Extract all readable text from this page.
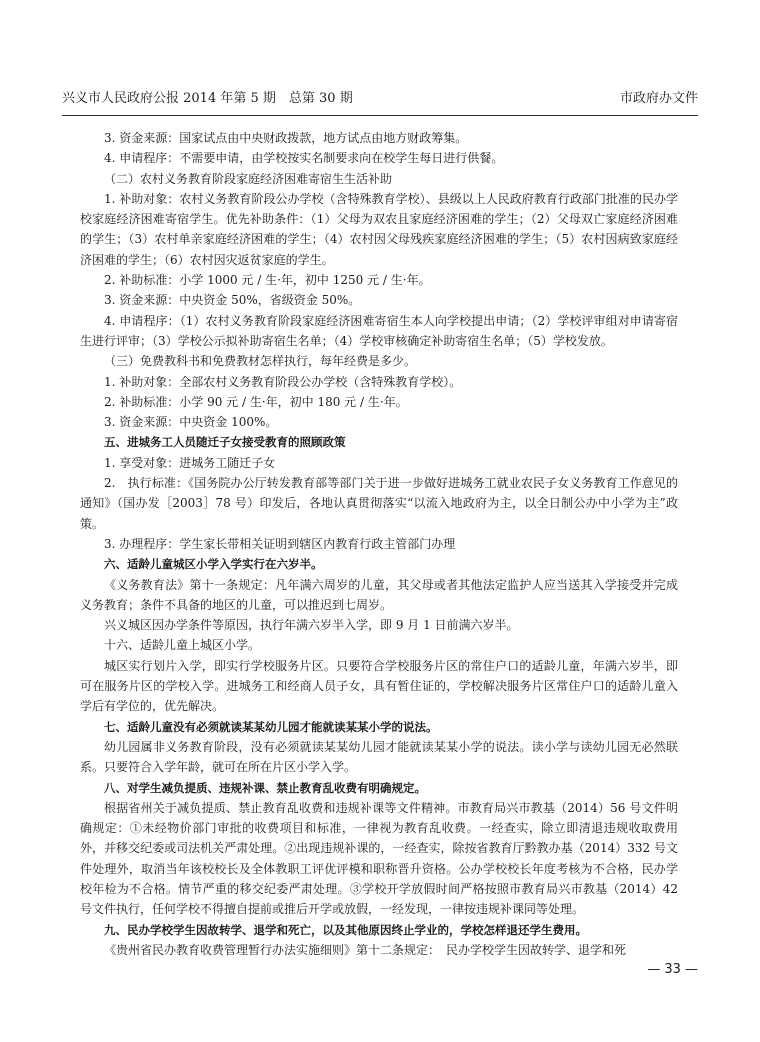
兴义市人民政府公报 2014 年第 5 期　总第 30 期	市政府办文件

3. 资金来源：国家试点由中央财政拨款，地方试点由地方财政筹集。

4. 申请程序：不需要申请，由学校按实名制要求向在校学生每日进行供餐。

（二）农村义务教育阶段家庭经济困难寄宿生生活补助

1. 补助对象：农村义务教育阶段公办学校（含特殊教育学校）、县级以上人民政府教育行政部门批准的民办学校家庭经济困难寄宿学生。优先补助条件：（1）父母为双农且家庭经济困难的学生；（2）父母双亡家庭经济困难的学生；（3）农村单亲家庭经济困难的学生；（4）农村因父母残疾家庭经济困难的学生；（5）农村因病致家庭经济困难的学生；（6）农村因灾返贫家庭的学生。

2. 补助标准：小学 1000 元 / 生·年，初中 1250 元 / 生·年。

3. 资金来源：中央资金 50%，省级资金 50%。

4. 申请程序：（1）农村义务教育阶段家庭经济困难寄宿生本人向学校提出申请；（2）学校评审组对申请寄宿生进行评审；（3）学校公示拟补助寄宿生名单；（4）学校审核确定补助寄宿生名单；（5）学校发放。

（三）免费教科书和免费教材怎样执行，每年经费是多少。

1. 补助对象：全部农村义务教育阶段公办学校（含特殊教育学校）。

2. 补助标准：小学 90 元 / 生·年，初中 180 元 / 生·年。

3. 资金来源：中央资金 100%。

五、进城务工人员随迁子女接受教育的照顾政策

1. 享受对象：进城务工随迁子女

2.　执行标准：《国务院办公厅转发教育部等部门关于进一步做好进城务工就业农民子女义务教育工作意见的通知》（国办发［2003］78 号）印发后，各地认真贯彻落实“以流入地政府为主，以全日制公办中小学为主”政策。

3. 办理程序：学生家长带相关证明到辖区内教育行政主管部门办理

六、适龄儿童城区小学入学实行在六岁半。

《义务教育法》第十一条规定：凡年满六周岁的儿童，其父母或者其他法定监护人应当送其入学接受并完成义务教育；条件不具备的地区的儿童，可以推迟到七周岁。

兴义城区因办学条件等原因，执行年满六岁半入学，即 9 月 1 日前满六岁半。

十六、适龄儿童上城区小学。

城区实行划片入学，即实行学校服务片区。只要符合学校服务片区的常住户口的适龄儿童，年满六岁半，即可在服务片区的学校入学。进城务工和经商人员子女，具有暂住证的，学校解决服务片区常住户口的适龄儿童入学后有学位的，优先解决。

七、适龄儿童没有必须就读某某幼儿园才能就读某某小学的说法。

幼儿园属非义务教育阶段，没有必须就读某某幼儿园才能就读某某小学的说法。读小学与读幼儿园无必然联系。只要符合入学年龄，就可在所在片区小学入学。

八、对学生减负提质、违规补课、禁止教育乱收费有明确规定。

根据省州关于减负提质、禁止教育乱收费和违规补课等文件精神。市教育局兴市教基（2014）56 号文件明确规定：①未经物价部门审批的收费项目和标准，一律视为教育乱收费。一经查实，除立即清退违规收取费用外，并移交纪委或司法机关严肃处理。②出现违规补课的，一经查实，除按省教育厅黔教办基（2014）332 号文件处理外，取消当年该校校长及全体教职工评优评模和职称晋升资格。公办学校校长年度考核为不合格，民办学校年检为不合格。情节严重的移交纪委严肃处理。③学校开学放假时间严格按照市教育局兴市教基（2014）42 号文件执行，任何学校不得擅自提前或推后开学或放假，一经发现，一律按违规补课同等处理。

九、民办学校学生因故转学、退学和死亡，以及其他原因终止学业的，学校怎样退还学生费用。

《贵州省民办教育收费管理暂行办法实施细则》第十二条规定：　民办学校学生因故转学、退学和死

— 33 —
